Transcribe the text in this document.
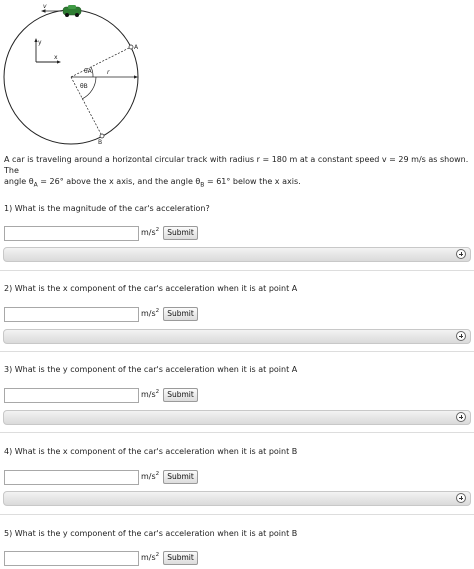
y
x
r
A
B
θA
θB
v
A car is traveling around a horizontal circular track with radius r = 180 m at a constant speed v = 29 m/s as shown. The
angle $\theta_A = 26^\circ$ above the x axis, and the angle $\theta_B = 61^\circ$ below the x axis.
1) What is the magnitude of the car's acceleration?
$m/s^2$	Submit
2) What is the x component of the car's acceleration when it is at point A
$m/s^2$	Submit
3) What is the y component of the car's acceleration when it is at point A
$m/s^2$	Submit
4) What is the x component of the car's acceleration when it is at point B
$m/s^2$	Submit
5) What is the y component of the car's acceleration when it is at point B
$m/s^2$	Submit
